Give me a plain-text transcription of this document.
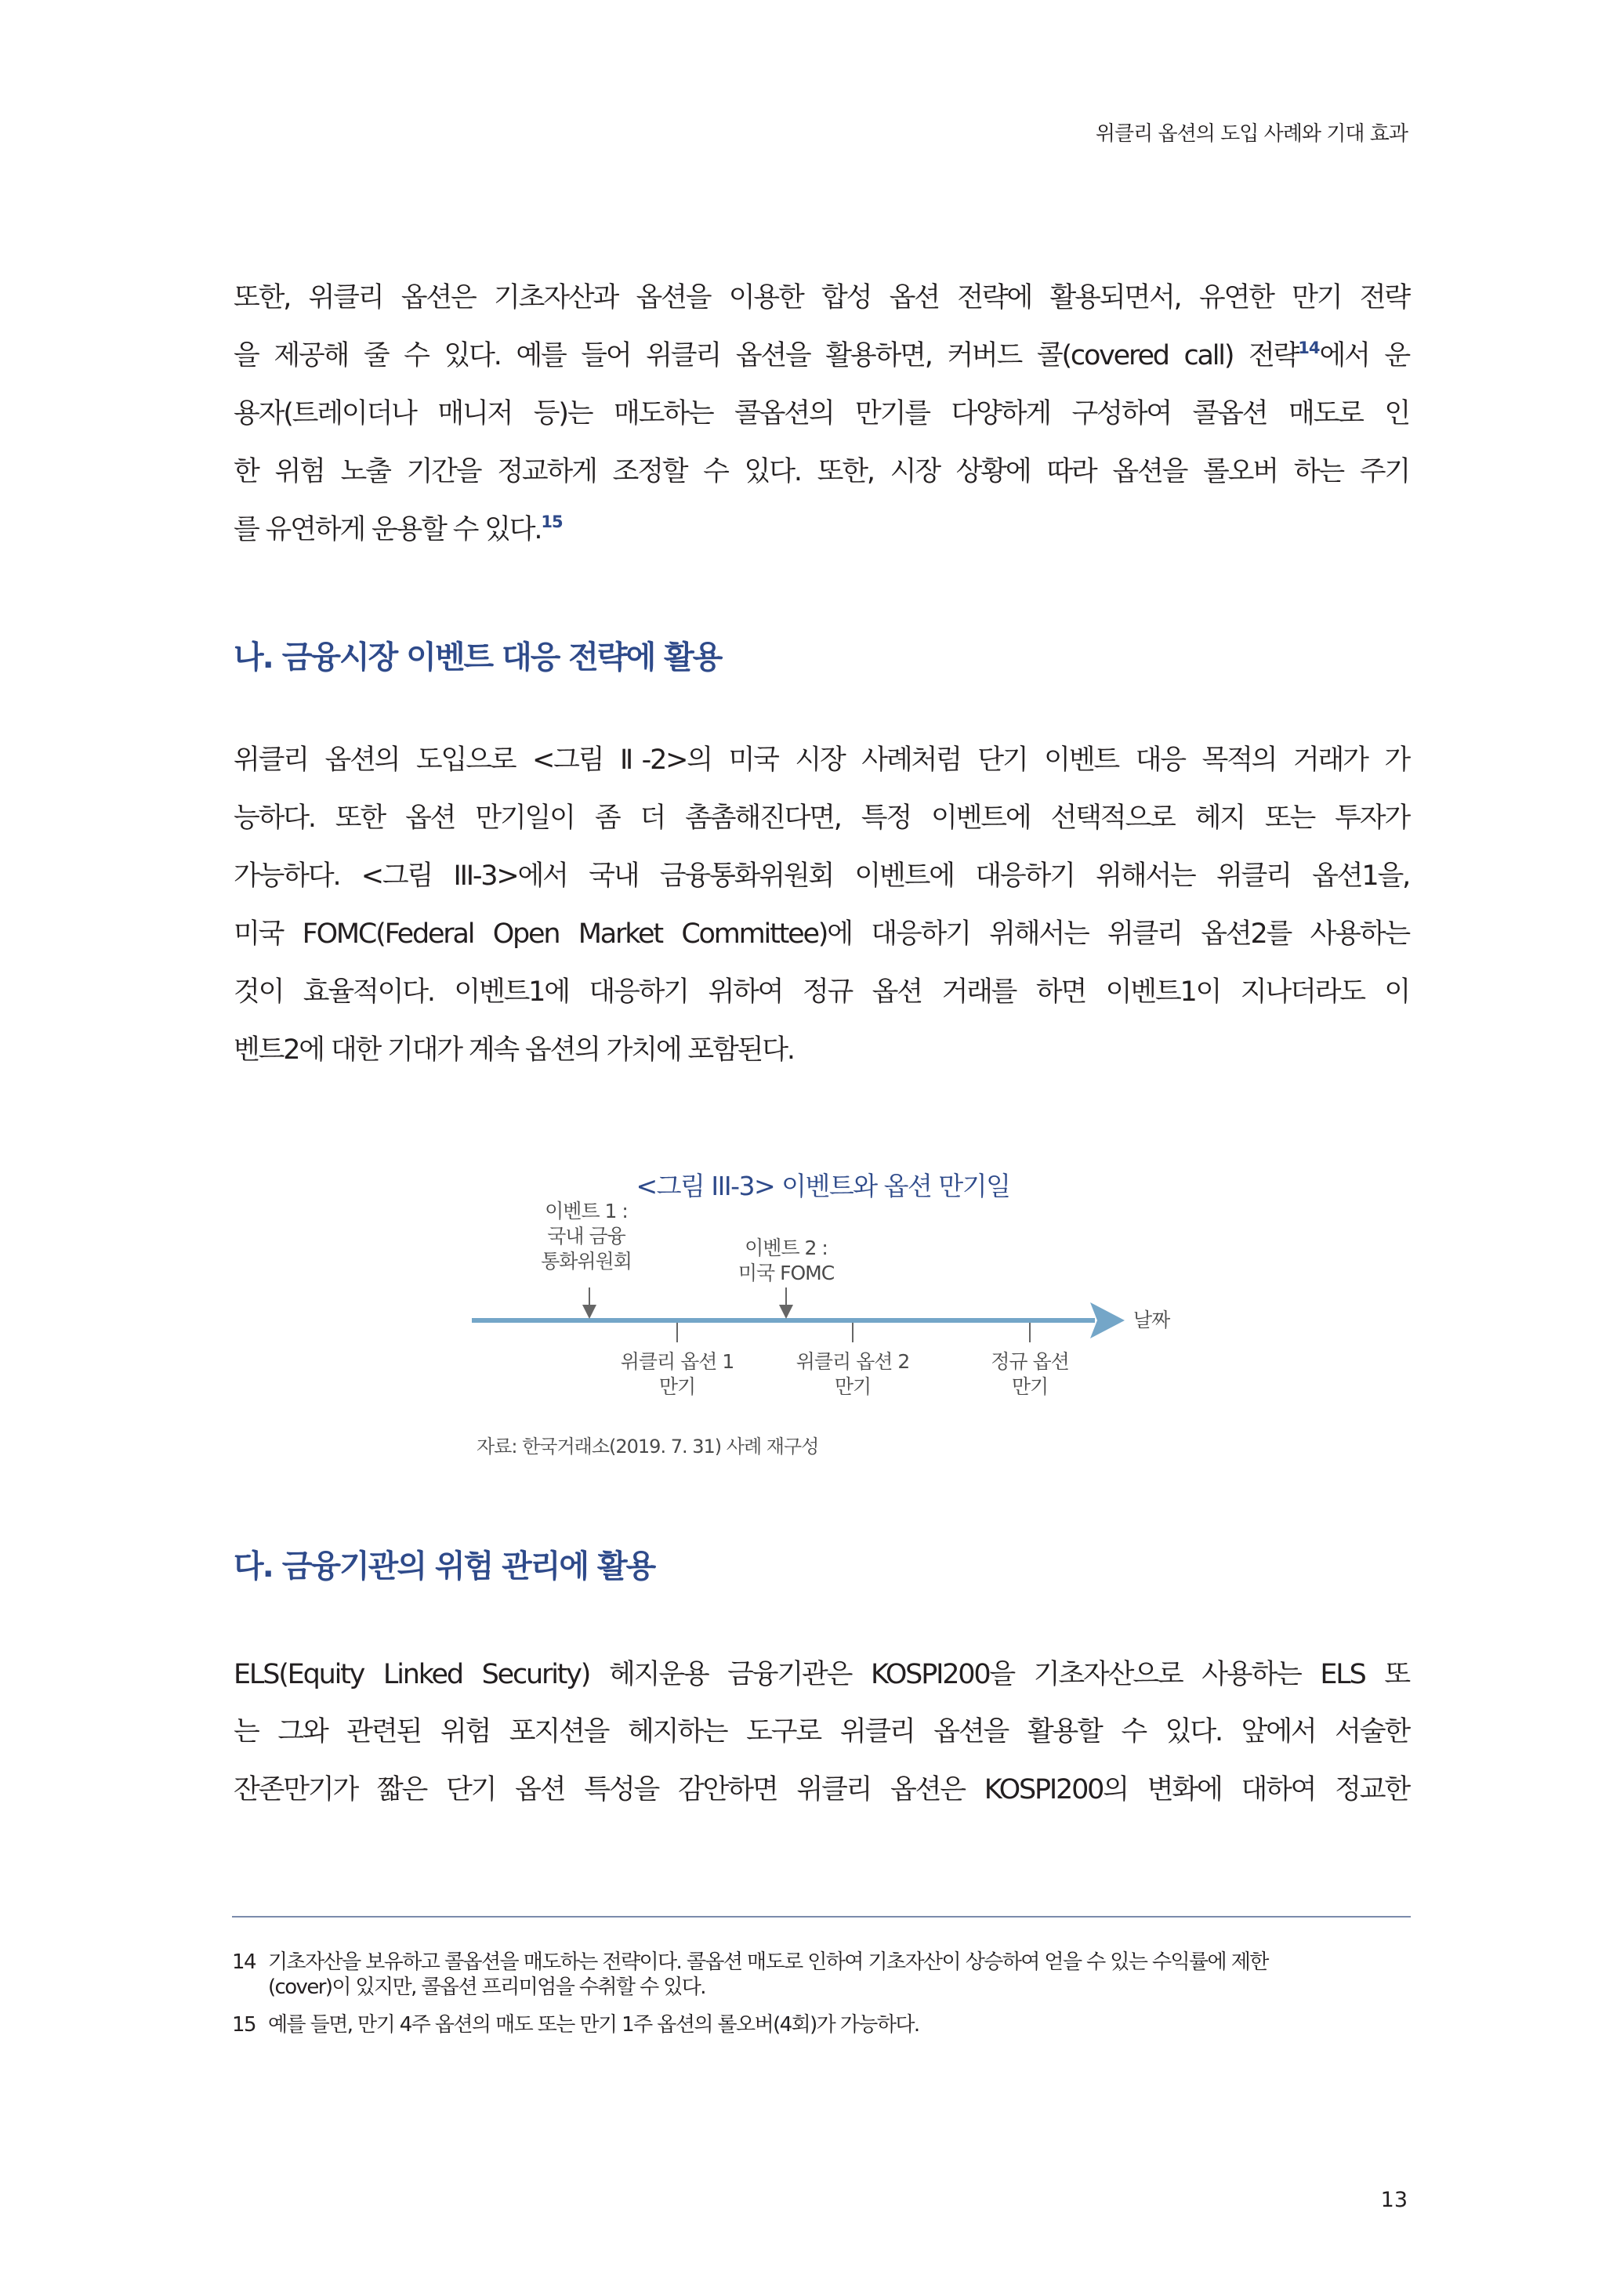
위클리 옵션의 도입 사례와 기대 효과
또한, 위클리 옵션은 기초자산과 옵션을 이용한 합성 옵션 전략에 활용되면서, 유연한 만기 전략
을 제공해 줄 수 있다. 예를 들어 위클리 옵션을 활용하면, 커버드 콜(covered call) 전략$^{14}$에서 운
용자(트레이더나 매니저 등)는 매도하는 콜옵션의 만기를 다양하게 구성하여 콜옵션 매도로 인
한 위험 노출 기간을 정교하게 조정할 수 있다. 또한, 시장 상황에 따라 옵션을 롤오버 하는 주기
를 유연하게 운용할 수 있다.$^{15}$
나. 금융시장 이벤트 대응 전략에 활용
위클리 옵션의 도입으로 <그림 Ⅱ-2>의 미국 시장 사례처럼 단기 이벤트 대응 목적의 거래가 가
능하다. 또한 옵션 만기일이 좀 더 촘촘해진다면, 특정 이벤트에 선택적으로 헤지 또는 투자가
가능하다. <그림 III-3>에서 국내 금융통화위원회 이벤트에 대응하기 위해서는 위클리 옵션1을,
미국 FOMC(Federal Open Market Committee)에 대응하기 위해서는 위클리 옵션2를 사용하는
것이 효율적이다. 이벤트1에 대응하기 위하여 정규 옵션 거래를 하면 이벤트1이 지나더라도 이
벤트2에 대한 기대가 계속 옵션의 가치에 포함된다.
<그림 III-3> 이벤트와 옵션 만기일
이벤트 1 :
국내 금융
통화위원회
이벤트 2 :
미국 FOMC
날짜
위클리 옵션 1
만기
위클리 옵션 2
만기
정규 옵션
만기
자료: 한국거래소(2019. 7. 31) 사례 재구성
다. 금융기관의 위험 관리에 활용
ELS(Equity Linked Security) 헤지운용 금융기관은 KOSPI200을 기초자산으로 사용하는 ELS 또
는 그와 관련된 위험 포지션을 헤지하는 도구로 위클리 옵션을 활용할 수 있다. 앞에서 서술한
잔존만기가 짧은 단기 옵션 특성을 감안하면 위클리 옵션은 KOSPI200의 변화에 대하여 정교한
14 기초자산을 보유하고 콜옵션을 매도하는 전략이다. 콜옵션 매도로 인하여 기초자산이 상승하여 얻을 수 있는 수익률에 제한
(cover)이 있지만, 콜옵션 프리미엄을 수취할 수 있다.
15 예를 들면, 만기 4주 옵션의 매도 또는 만기 1주 옵션의 롤오버(4회)가 가능하다.
13
